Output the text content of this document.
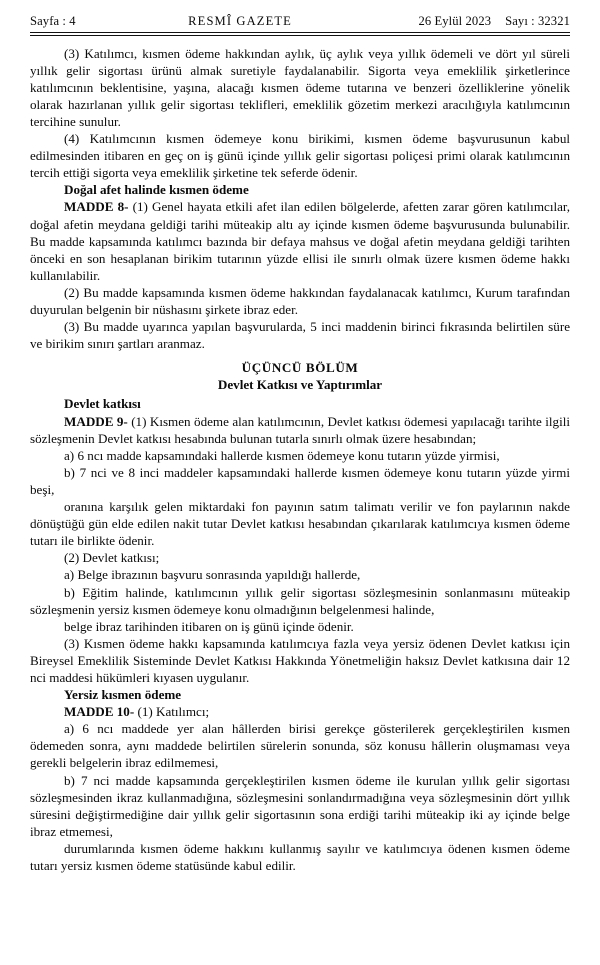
Sayfa : 4	RESMÎ GAZETE	26 Eylül 2023 Sayı : 32321

(3) Katılımcı, kısmen ödeme hakkından aylık, üç aylık veya yıllık ödemeli ve dört yıl süreli yıllık gelir sigortası ürünü almak suretiyle faydalanabilir. Sigorta veya emeklilik şirketlerince katılımcının beklentisine, yaşına, alacağı kısmen ödeme tutarına ve benzeri özelliklerine yönelik olarak hazırlanan yıllık gelir sigortası teklifleri, emeklilik gözetim merkezi aracılığıyla katılımcının tercihine sunulur.

(4) Katılımcının kısmen ödemeye konu birikimi, kısmen ödeme başvurusunun kabul edilmesinden itibaren en geç on iş günü içinde yıllık gelir sigortası poliçesi primi olarak katılımcının tercih ettiği sigorta veya emeklilik şirketine tek seferde ödenir.

Doğal afet halinde kısmen ödeme

MADDE 8- (1) Genel hayata etkili afet ilan edilen bölgelerde, afetten zarar gören katılımcılar, doğal afetin meydana geldiği tarihi müteakip altı ay içinde kısmen ödeme başvurusunda bulunabilir. Bu madde kapsamında katılımcı bazında bir defaya mahsus ve doğal afetin meydana geldiği tarihten önceki en son hesaplanan birikim tutarının yüzde ellisi ile sınırlı olmak üzere kısmen ödeme hakkı kullanılabilir.

(2) Bu madde kapsamında kısmen ödeme hakkından faydalanacak katılımcı, Kurum tarafından duyurulan belgenin bir nüshasını şirkete ibraz eder.

(3) Bu madde uyarınca yapılan başvurularda, 5 inci maddenin birinci fıkrasında belirtilen süre ve birikim sınırı şartları aranmaz.

ÜÇÜNCÜ BÖLÜM

Devlet Katkısı ve Yaptırımlar

Devlet katkısı

MADDE 9- (1) Kısmen ödeme alan katılımcının, Devlet katkısı ödemesi yapılacağı tarihte ilgili sözleşmenin Devlet katkısı hesabında bulunan tutarla sınırlı olmak üzere hesabından;

a) 6 ncı madde kapsamındaki hallerde kısmen ödemeye konu tutarın yüzde yirmisi,

b) 7 nci ve 8 inci maddeler kapsamındaki hallerde kısmen ödemeye konu tutarın yüzde yirmi beşi,

oranına karşılık gelen miktardaki fon payının satım talimatı verilir ve fon paylarının nakde dönüştüğü gün elde edilen nakit tutar Devlet katkısı hesabından çıkarılarak katılımcıya kısmen ödeme tutarı ile birlikte ödenir.

(2) Devlet katkısı;

a) Belge ibrazının başvuru sonrasında yapıldığı hallerde,

b) Eğitim halinde, katılımcının yıllık gelir sigortası sözleşmesinin sonlanmasını müteakip sözleşmenin yersiz kısmen ödemeye konu olmadığının belgelenmesi halinde,

belge ibraz tarihinden itibaren on iş günü içinde ödenir.

(3) Kısmen ödeme hakkı kapsamında katılımcıya fazla veya yersiz ödenen Devlet katkısı için Bireysel Emeklilik Sisteminde Devlet Katkısı Hakkında Yönetmeliğin haksız Devlet katkısına dair 12 nci maddesi hükümleri kıyasen uygulanır.

Yersiz kısmen ödeme

MADDE 10- (1) Katılımcı;

a) 6 ncı maddede yer alan hâllerden birisi gerekçe gösterilerek gerçekleştirilen kısmen ödemeden sonra, aynı maddede belirtilen sürelerin sonunda, söz konusu hâllerin oluşmaması veya gerekli belgelerin ibraz edilmemesi,

b) 7 nci madde kapsamında gerçekleştirilen kısmen ödeme ile kurulan yıllık gelir sigortası sözleşmesinden ikraz kullanmadığına, sözleşmesini sonlandırmadığına veya sözleşmesinin dört yıllık süresini değiştirmediğine dair yıllık gelir sigortasının sona erdiği tarihi müteakip iki ay içinde belge ibraz etmemesi,

durumlarında kısmen ödeme hakkını kullanmış sayılır ve katılımcıya ödenen kısmen ödeme tutarı yersiz kısmen ödeme statüsünde kabul edilir.
